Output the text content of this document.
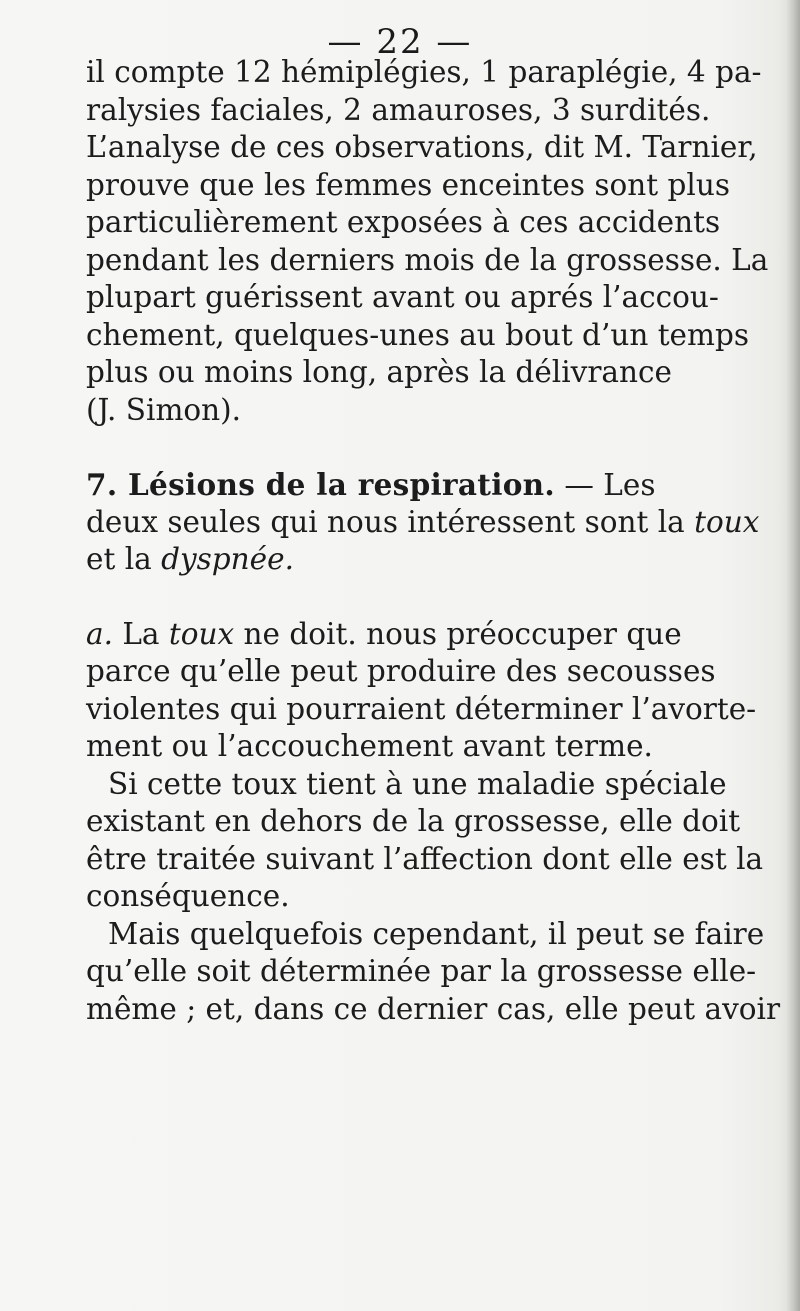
— 22 —
il compte 12 hémiplégies, 1 paraplégie, 4 pa-
ralysies faciales, 2 amauroses, 3 surdités.
L’analyse de ces observations, dit M. Tarnier,
prouve que les femmes enceintes sont plus
particulièrement exposées à ces accidents
pendant les derniers mois de la grossesse. La
plupart guérissent avant ou aprés l’accou-
chement, quelques-unes au bout d’un temps
plus ou moins long, après la délivrance
(J. Simon).
7. Lésions de la respiration. — Les
deux seules qui nous intéressent sont la toux
et la dyspnée.
a. La toux ne doit. nous préoccuper que
parce qu’elle peut produire des secousses
violentes qui pourraient déterminer l’avorte-
ment ou l’accouchement avant terme.
Si cette toux tient à une maladie spéciale
existant en dehors de la grossesse, elle doit
être traitée suivant l’affection dont elle est la
conséquence.
Mais quelquefois cependant, il peut se faire
qu’elle soit déterminée par la grossesse elle-
même ; et, dans ce dernier cas, elle peut avoir
